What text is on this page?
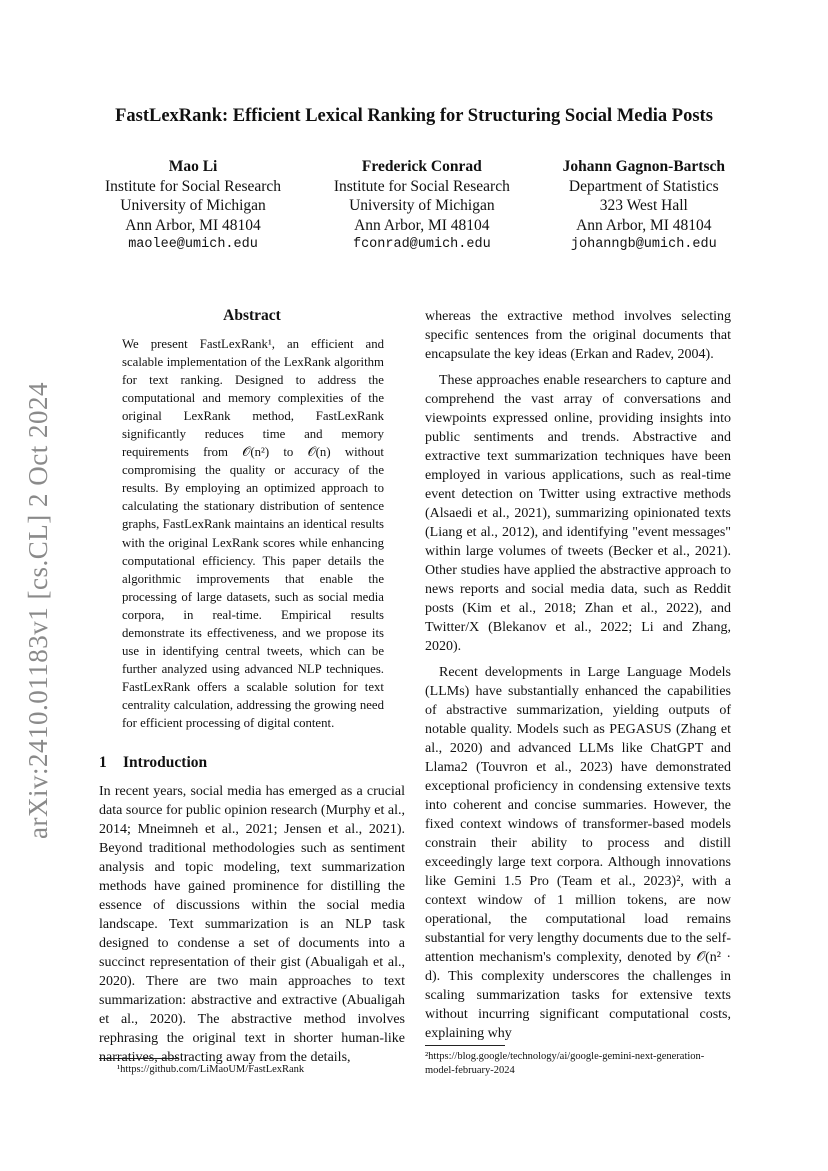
arXiv:2410.01183v1 [cs.CL] 2 Oct 2024
FastLexRank: Efficient Lexical Ranking for Structuring Social Media Posts
Mao Li
Institute for Social Research
University of Michigan
Ann Arbor, MI 48104
maolee@umich.edu
Frederick Conrad
Institute for Social Research
University of Michigan
Ann Arbor, MI 48104
fconrad@umich.edu
Johann Gagnon-Bartsch
Department of Statistics
323 West Hall
Ann Arbor, MI 48104
johanngb@umich.edu
Abstract

We present FastLexRank¹, an efficient and scalable implementation of the LexRank algorithm for text ranking. Designed to address the computational and memory complexities of the original LexRank method, FastLexRank significantly reduces time and memory requirements from 𝒪(n²) to 𝒪(n) without compromising the quality or accuracy of the results. By employing an optimized approach to calculating the stationary distribution of sentence graphs, FastLexRank maintains an identical results with the original LexRank scores while enhancing computational efficiency. This paper details the algorithmic improvements that enable the processing of large datasets, such as social media corpora, in real-time. Empirical results demonstrate its effectiveness, and we propose its use in identifying central tweets, which can be further analyzed using advanced NLP techniques. FastLexRank offers a scalable solution for text centrality calculation, addressing the growing need for efficient processing of digital content.

1 Introduction

In recent years, social media has emerged as a crucial data source for public opinion research (Murphy et al., 2014; Mneimneh et al., 2021; Jensen et al., 2021). Beyond traditional methodologies such as sentiment analysis and topic modeling, text summarization methods have gained prominence for distilling the essence of discussions within the social media landscape. Text summarization is an NLP task designed to condense a set of documents into a succinct representation of their gist (Abualigah et al., 2020). There are two main approaches to text summarization: abstractive and extractive (Abualigah et al., 2020). The abstractive method involves rephrasing the original text in shorter human-like narratives, abstracting away from the details,

whereas the extractive method involves selecting specific sentences from the original documents that encapsulate the key ideas (Erkan and Radev, 2004).

These approaches enable researchers to capture and comprehend the vast array of conversations and viewpoints expressed online, providing insights into public sentiments and trends. Abstractive and extractive text summarization techniques have been employed in various applications, such as real-time event detection on Twitter using extractive methods (Alsaedi et al., 2021), summarizing opinionated texts (Liang et al., 2012), and identifying "event messages" within large volumes of tweets (Becker et al., 2021). Other studies have applied the abstractive approach to news reports and social media data, such as Reddit posts (Kim et al., 2018; Zhan et al., 2022), and Twitter/X (Blekanov et al., 2022; Li and Zhang, 2020).

Recent developments in Large Language Models (LLMs) have substantially enhanced the capabilities of abstractive summarization, yielding outputs of notable quality. Models such as PEGASUS (Zhang et al., 2020) and advanced LLMs like ChatGPT and Llama2 (Touvron et al., 2023) have demonstrated exceptional proficiency in condensing extensive texts into coherent and concise summaries. However, the fixed context windows of transformer-based models constrain their ability to process and distill exceedingly large text corpora. Although innovations like Gemini 1.5 Pro (Team et al., 2023)², with a context window of 1 million tokens, are now operational, the computational load remains substantial for very lengthy documents due to the self-attention mechanism's complexity, denoted by 𝒪(n² · d). This complexity underscores the challenges in scaling summarization tasks for extensive texts without incurring significant computational costs, explaining why

¹https://github.com/LiMaoUM/FastLexRank
²https://blog.google/technology/ai/google-gemini-next-generation-model-february-2024
